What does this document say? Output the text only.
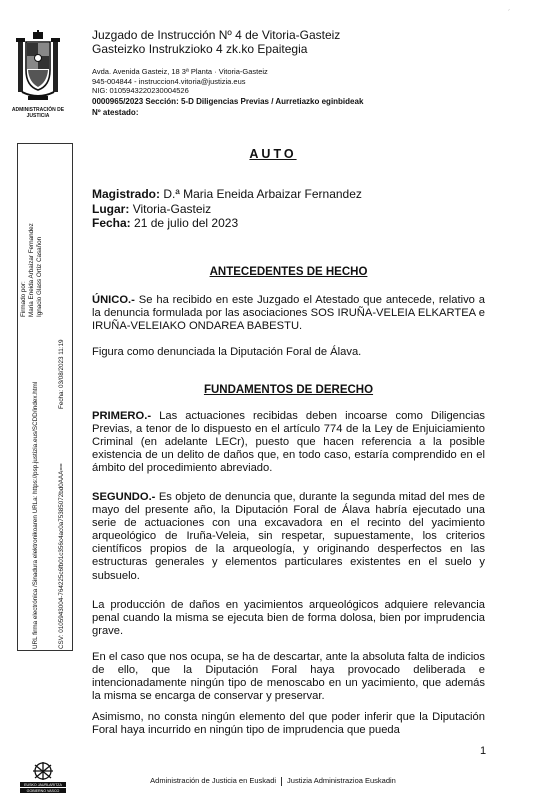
´
ADMINISTRACIÓN DE JUSTICIA
Juzgado de Instrucción Nº 4 de Vitoria-Gasteiz
Gasteizko Instrukzioko 4 zk.ko Epaitegia
Avda. Avenida Gasteiz, 18 3ª Planta · Vitoria-Gasteiz
945-004844 - instruccion4.vitoria@justizia.eus
NIG: 0105943220230004526
0000965/2023 Sección: 5-D Diligencias Previas / Aurretiazko eginbideak
Nº atestado:
Firmado por: Maria Eneida Arbaizar Fernandez Ignacio Glass Ortiz Casañon
Fecha: 03/08/2023 11:19
URL firma electrónica /Sinadura elektronikoaren URLa: https://psp.justizia.eus/SCDD/index.html	CSV: 0105943004-764225c6fb01c356c4ac0a75385072bd0AAA==
AUTO
Magistrado: D.ª Maria Eneida Arbaizar Fernandez
Lugar: Vitoria-Gasteiz
Fecha: 21 de julio del 2023
ANTECEDENTES DE HECHO
ÚNICO.- Se ha recibido en este Juzgado el Atestado que antecede, relativo a la denuncia formulada por las asociaciones SOS IRUÑA-VELEIA ELKARTEA e IRUÑA-VELEIAKO ONDAREA BABESTU.
Figura como denunciada la Diputación Foral de Álava.
FUNDAMENTOS DE DERECHO
PRIMERO.- Las actuaciones recibidas deben incoarse como Diligencias Previas, a tenor de lo dispuesto en el artículo 774 de la Ley de Enjuiciamiento Criminal (en adelante LECr), puesto que hacen referencia a la posible existencia de un delito de daños que, en todo caso, estaría comprendido en el ámbito del procedimiento abreviado.
SEGUNDO.- Es objeto de denuncia que, durante la segunda mitad del mes de mayo del presente año, la Diputación Foral de Álava habría ejecutado una serie de actuaciones con una excavadora en el recinto del yacimiento arqueológico de Iruña-Veleia, sin respetar, supuestamente, los criterios científicos propios de la arqueología, y originando desperfectos en las estructuras generales y elementos particulares existentes en el suelo y subsuelo.
La producción de daños en yacimientos arqueológicos adquiere relevancia penal cuando la misma se ejecuta bien de forma dolosa, bien por imprudencia grave.
En el caso que nos ocupa, se ha de descartar, ante la absoluta falta de indicios de ello, que la Diputación Foral haya provocado deliberada e intencionadamente ningún tipo de menoscabo en un yacimiento, que además la misma se encarga de conservar y preservar.
Asimismo, no consta ningún elemento del que poder inferir que la Diputación Foral haya incurrido en ningún tipo de imprudencia que pueda
1
EUSKO JAURLARITZA
GOBIERNO VASCO
Administración de Justicia en Euskadi Justizia Administrazioa Euskadin
